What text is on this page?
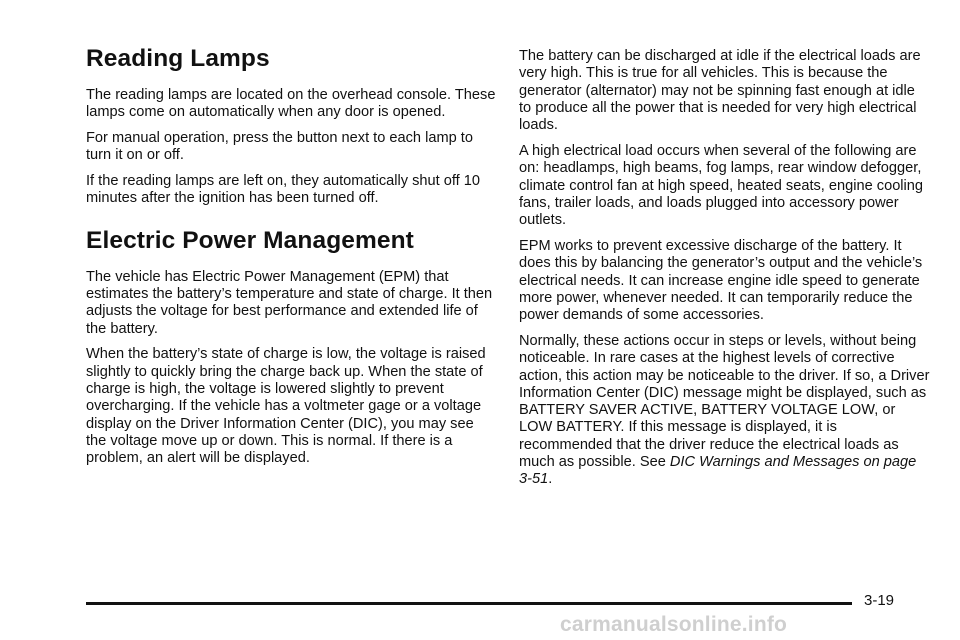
Reading Lamps

The reading lamps are located on the overhead console. These lamps come on automatically when any door is opened.

For manual operation, press the button next to each lamp to turn it on or off.

If the reading lamps are left on, they automatically shut off 10 minutes after the ignition has been turned off.

Electric Power Management

The vehicle has Electric Power Management (EPM) that estimates the battery’s temperature and state of charge. It then adjusts the voltage for best performance and extended life of the battery.

When the battery’s state of charge is low, the voltage is raised slightly to quickly bring the charge back up. When the state of charge is high, the voltage is lowered slightly to prevent overcharging. If the vehicle has a voltmeter gage or a voltage display on the Driver Information Center (DIC), you may see the voltage move up or down. This is normal. If there is a problem, an alert will be displayed.

The battery can be discharged at idle if the electrical loads are very high. This is true for all vehicles. This is because the generator (alternator) may not be spinning fast enough at idle to produce all the power that is needed for very high electrical loads.

A high electrical load occurs when several of the following are on: headlamps, high beams, fog lamps, rear window defogger, climate control fan at high speed, heated seats, engine cooling fans, trailer loads, and loads plugged into accessory power outlets.

EPM works to prevent excessive discharge of the battery. It does this by balancing the generator’s output and the vehicle’s electrical needs. It can increase engine idle speed to generate more power, whenever needed. It can temporarily reduce the power demands of some accessories.

Normally, these actions occur in steps or levels, without being noticeable. In rare cases at the highest levels of corrective action, this action may be noticeable to the driver. If so, a Driver Information Center (DIC) message might be displayed, such as BATTERY SAVER ACTIVE, BATTERY VOLTAGE LOW, or LOW BATTERY. If this message is displayed, it is recommended that the driver reduce the electrical loads as much as possible. See DIC Warnings and Messages on page 3-51.

3-19
carmanualsonline.info
